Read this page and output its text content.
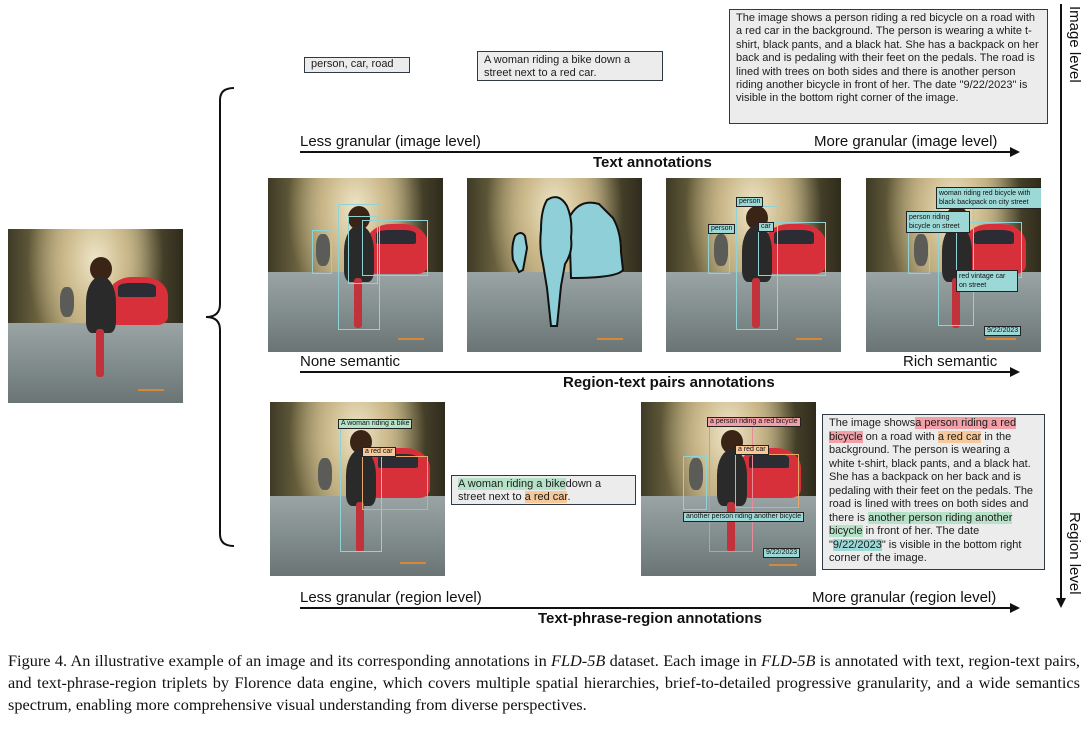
person, car, road	A woman riding a bike down a street next to a red car.
The image shows a person riding a red bicycle on a road with a red car in the background. The person is wearing a white t-shirt, black pants, and a black hat. She has a backpack on her back and is pedaling with their feet on the pedals. The road is lined with trees on both sides and there is another person riding another bicycle in front of her. The date "9/22/2023" is visible in the bottom right corner of the image.
Less granular (image level)	More granular (image level)
Text annotations
person
person	car
woman riding red bicycle with black backpack on city street
person riding bicycle on street
red vintage car on street
9/22/2023
None semantic	Rich semantic
Region-text pairs annotations
A woman riding a bike
a red car
A woman riding a bikedown a street next to a red car.
a person riding a red bicycle
a red car
another person riding another bicycle
9/22/2023
The image showsa person riding a red bicycle on a road with a red car in the background. The person is wearing a white t-shirt, black pants, and a black hat. She has a backpack on her back and is pedaling with their feet on the pedals. The road is lined with trees on both sides and there is another person riding another bicycle in front of her. The date "9/22/2023" is visible in the bottom right corner of the image.
Less granular (region level)	More granular (region level)
Text-phrase-region annotations
Image level
Region level
Figure 4. An illustrative example of an image and its corresponding annotations in FLD-5B dataset. Each image in FLD-5B is annotated with text, region-text pairs, and text-phrase-region triplets by Florence data engine, which covers multiple spatial hierarchies, brief-to-detailed progressive granularity, and a wide semantics spectrum, enabling more comprehensive visual understanding from diverse perspectives.
